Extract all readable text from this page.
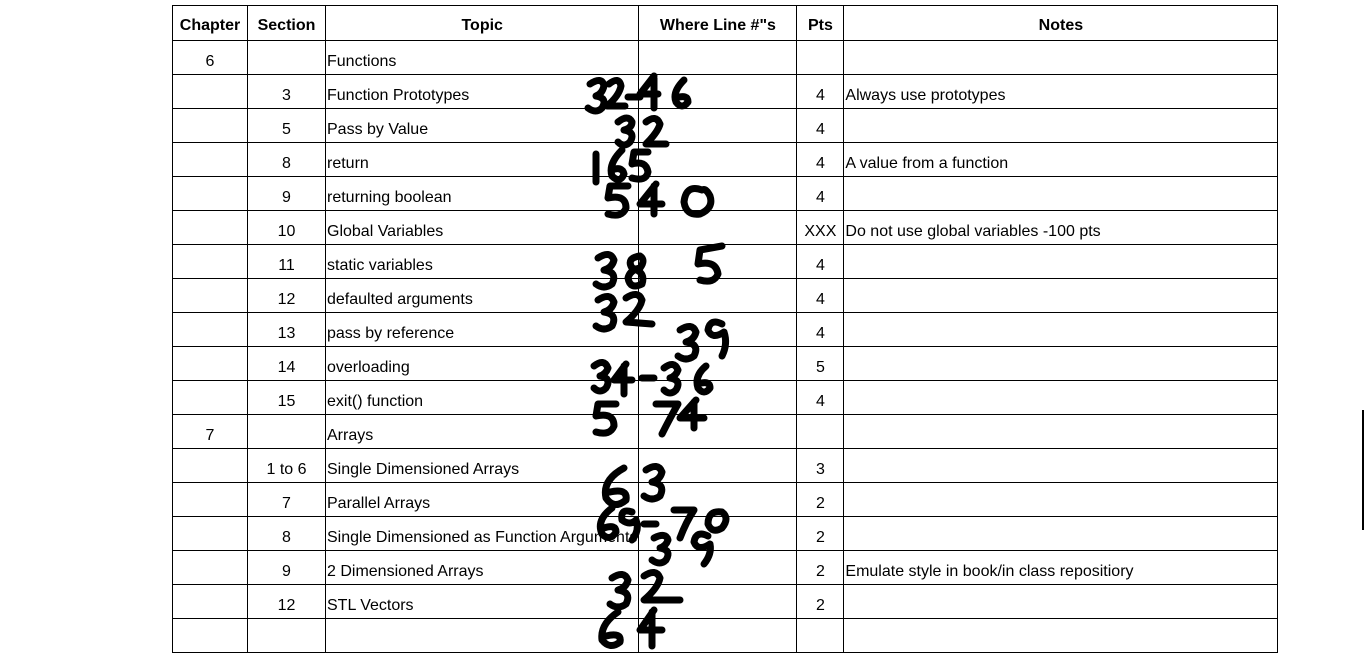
Chapter	Section	Topic	Where Line #"s	Pts	Notes
6		Functions			
	3	Function Prototypes		4	Always use prototypes
	5	Pass by Value		4	
	8	return		4	A value from a function
	9	returning boolean		4	
	10	Global Variables		XXX	Do not use global variables -100 pts
	11	static variables		4	
	12	defaulted arguments		4	
	13	pass by reference		4	
	14	overloading		5	
	15	exit() function		4	
7		Arrays			
	1 to 6	Single Dimensioned Arrays		3	
	7	Parallel Arrays		2	
	8	Single Dimensioned as Function Arguments		2	
	9	2 Dimensioned Arrays		2	Emulate style in book/in class repositiory
	12	STL Vectors		2	
